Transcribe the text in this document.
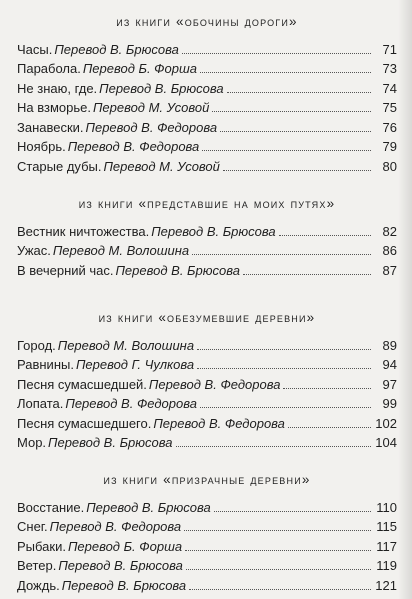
из книги «обочины дороги»
Часы. Перевод В. Брюсова	71
Парабола. Перевод Б. Форша	73
Не знаю, где. Перевод В. Брюсова	74
На взморье. Перевод М. Усовой	75
Занавески. Перевод В. Федорова	76
Ноябрь. Перевод В. Федорова	79
Старые дубы. Перевод М. Усовой	80
из книги «представшие на моих путях»
Вестник ничтожества. Перевод В. Брюсова	82
Ужас. Перевод М. Волошина	86
В вечерний час. Перевод В. Брюсова	87
из книги «обезумевшие деревни»
Город. Перевод М. Волошина	89
Равнины. Перевод Г. Чулкова	94
Песня сумасшедшей. Перевод В. Федорова	97
Лопата. Перевод В. Федорова	99
Песня сумасшедшего. Перевод В. Федорова	102
Мор. Перевод В. Брюсова	104
из книги «призрачные деревни»
Восстание. Перевод В. Брюсова	110
Снег. Перевод В. Федорова	115
Рыбаки. Перевод Б. Форша	117
Ветер. Перевод В. Брюсова	119
Дождь. Перевод В. Брюсова	121
